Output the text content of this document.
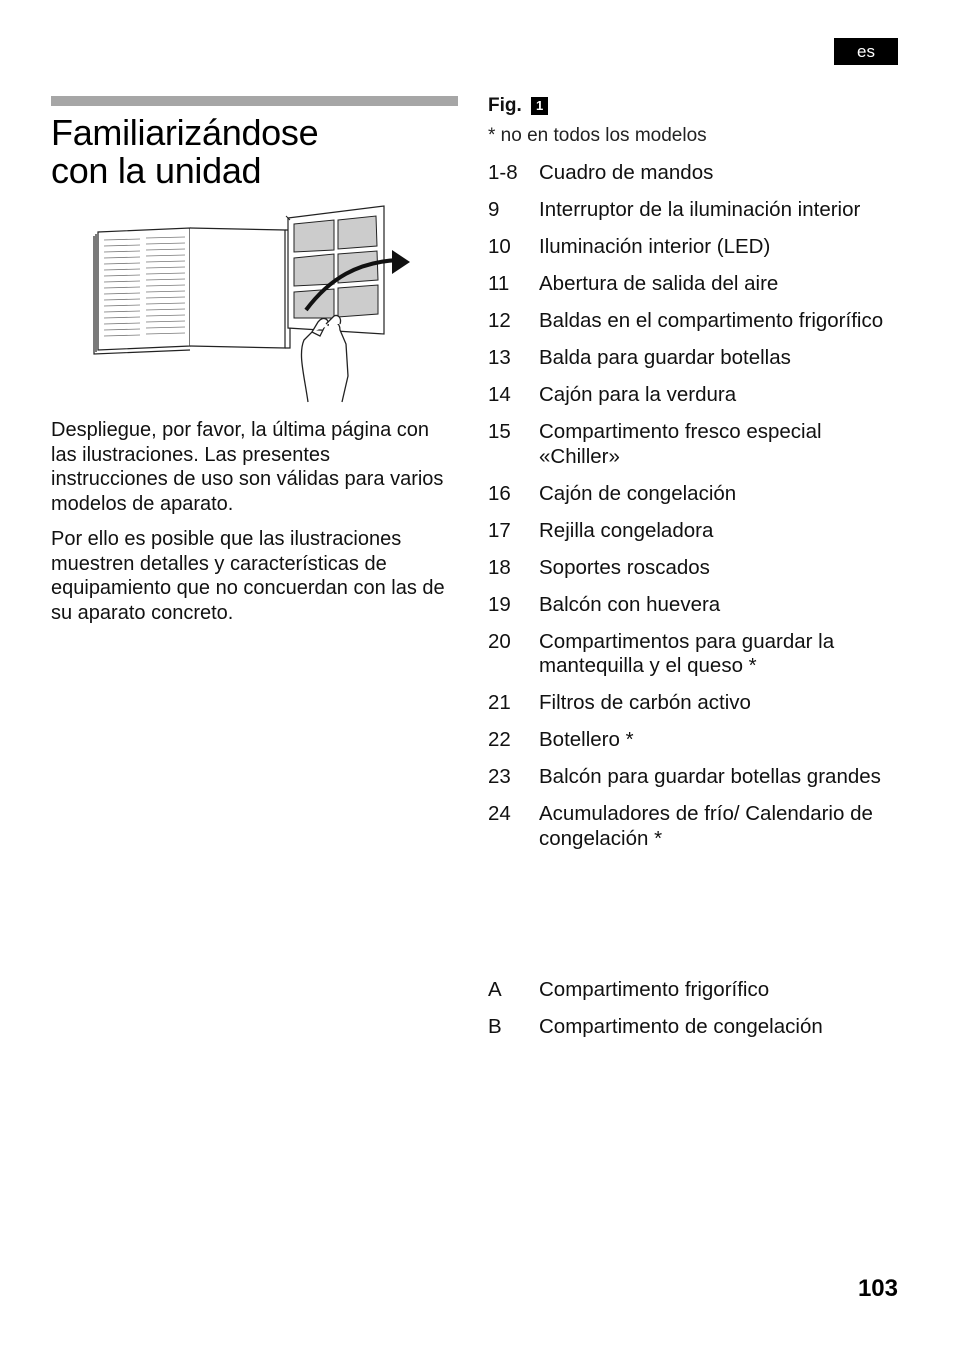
es
Familiarizándose
con la unidad

Despliegue, por favor, la última página con las ilustraciones. Las presentes instrucciones de uso son válidas para varios modelos de aparato.

Por ello es posible que las ilustraciones muestren detalles y características de equipamiento que no concuerdan con las de su aparato concreto.

Fig. 1

* no en todos los modelos

1-8	Cuadro de mandos
9	Interruptor de la iluminación interior
10	Iluminación interior (LED)
11	Abertura de salida del aire
12	Baldas en el compartimento frigorífico
13	Balda para guardar botellas
14	Cajón para la verdura
15	Compartimento fresco especial «Chiller»
16	Cajón de congelación
17	Rejilla congeladora
18	Soportes roscados
19	Balcón con huevera
20	Compartimentos para guardar la mantequilla y el queso *
21	Filtros de carbón activo
22	Botellero *
23	Balcón para guardar botellas grandes
24	Acumuladores de frío/ Calendario de congelación *
A	Compartimento frigorífico
B	Compartimento de congelación
103
